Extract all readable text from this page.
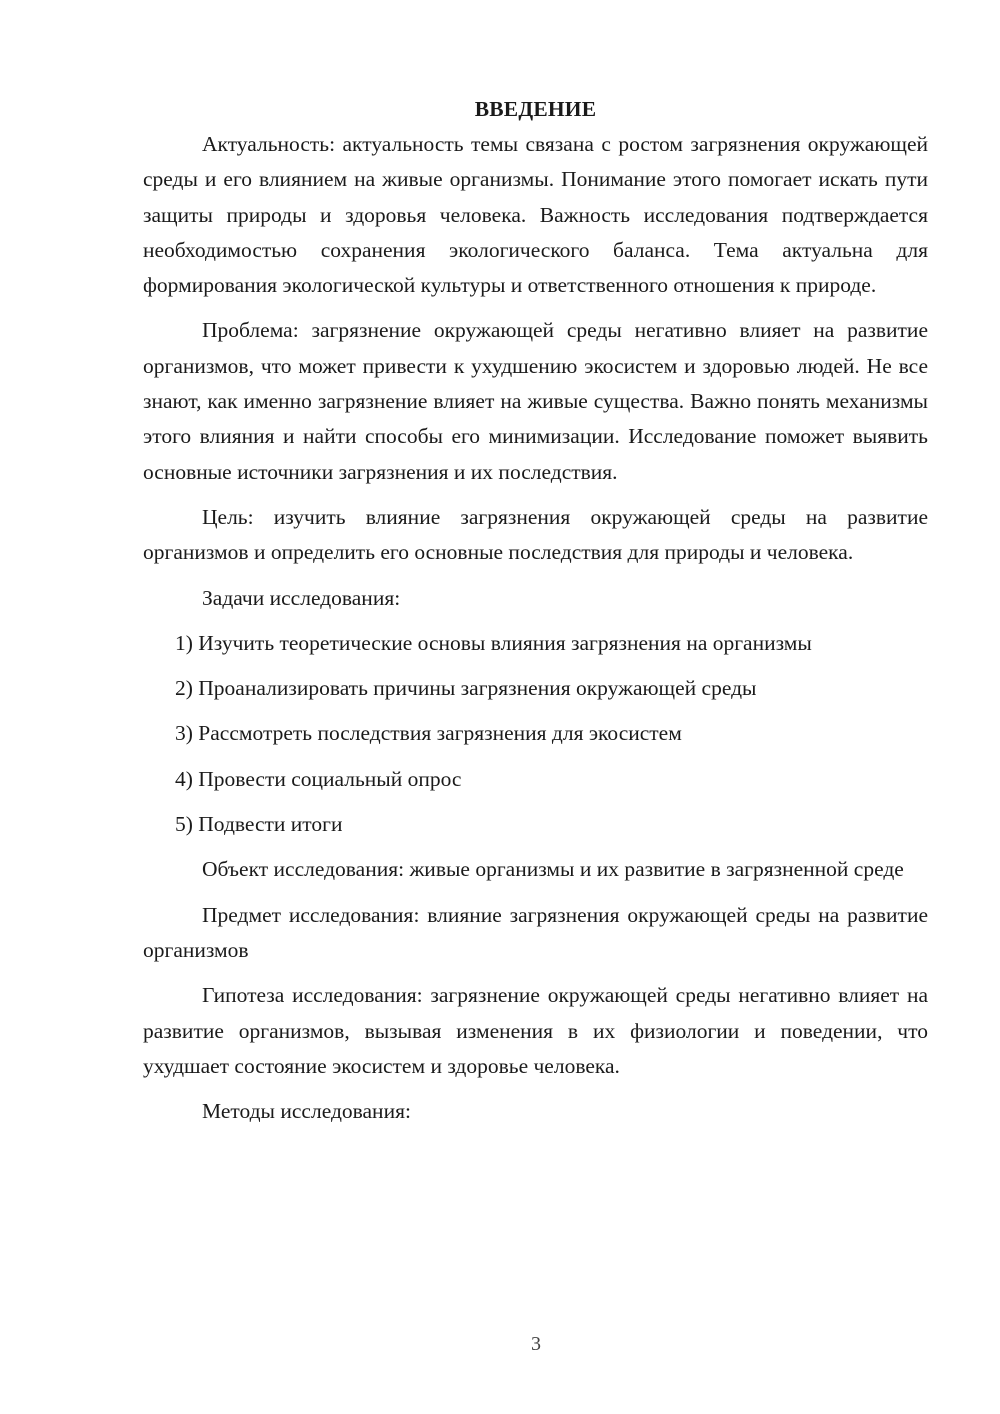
ВВЕДЕНИЕ

Актуальность: актуальность темы связана с ростом загрязнения окружающей среды и его влиянием на живые организмы. Понимание этого помогает искать пути защиты природы и здоровья человека. Важность исследования подтверждается необходимостью сохранения экологического баланса. Тема актуальна для формирования экологической культуры и ответственного отношения к природе.

Проблема: загрязнение окружающей среды негативно влияет на развитие организмов, что может привести к ухудшению экосистем и здоровью людей. Не все знают, как именно загрязнение влияет на живые существа. Важно понять механизмы этого влияния и найти способы его минимизации. Исследование поможет выявить основные источники загрязнения и их последствия.

Цель: изучить влияние загрязнения окружающей среды на развитие организмов и определить его основные последствия для природы и человека.

Задачи исследования:

1) Изучить теоретические основы влияния загрязнения на организмы

2) Проанализировать причины загрязнения окружающей среды

3) Рассмотреть последствия загрязнения для экосистем

4) Провести социальный опрос

5) Подвести итоги

Объект исследования: живые организмы и их развитие в загрязненной среде

Предмет исследования: влияние загрязнения окружающей среды на развитие организмов

Гипотеза исследования: загрязнение окружающей среды негативно влияет на развитие организмов, вызывая изменения в их физиологии и поведении, что ухудшает состояние экосистем и здоровье человека.

Методы исследования:

3
